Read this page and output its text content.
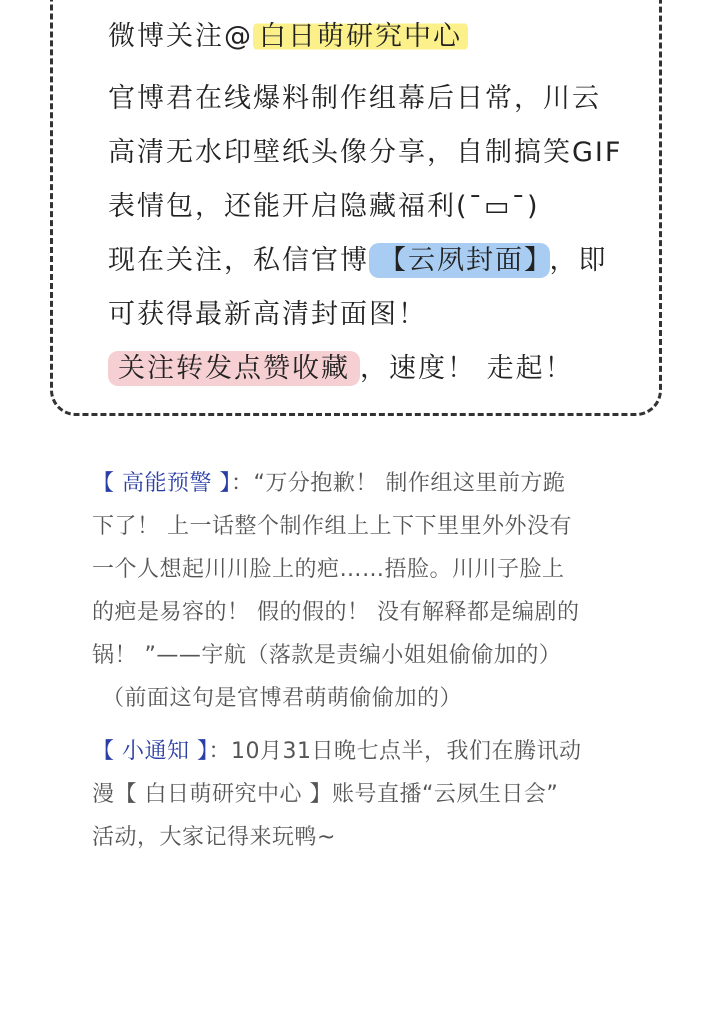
微博关注@ 白日萌研究中心
官博君在线爆料制作组幕后日常，川云
高清无水印壁纸头像分享，自制搞笑GIF
表情包，还能开启隐藏福利(¯▭¯)
现在关注，私信官博 【云夙封面】 ，即
可获得最新高清封面图！
关注转发点赞收藏 ，速度！ 走起！
【 高能预警 】：“万分抱歉！ 制作组这里前方跪
下了！ 上一话整个制作组上上下下里里外外没有
一个人想起川川脸上的疤……捂脸。川川子脸上
的疤是易容的！ 假的假的！ 没有解释都是编剧的
锅！ ”——宇航（落款是责编小姐姐偷偷加的）
（前面这句是官博君萌萌偷偷加的）
【 小通知 】：10月31日晚七点半，我们在腾讯动
漫【 白日萌研究中心 】账号直播“云夙生日会”
活动，大家记得来玩鸭~
